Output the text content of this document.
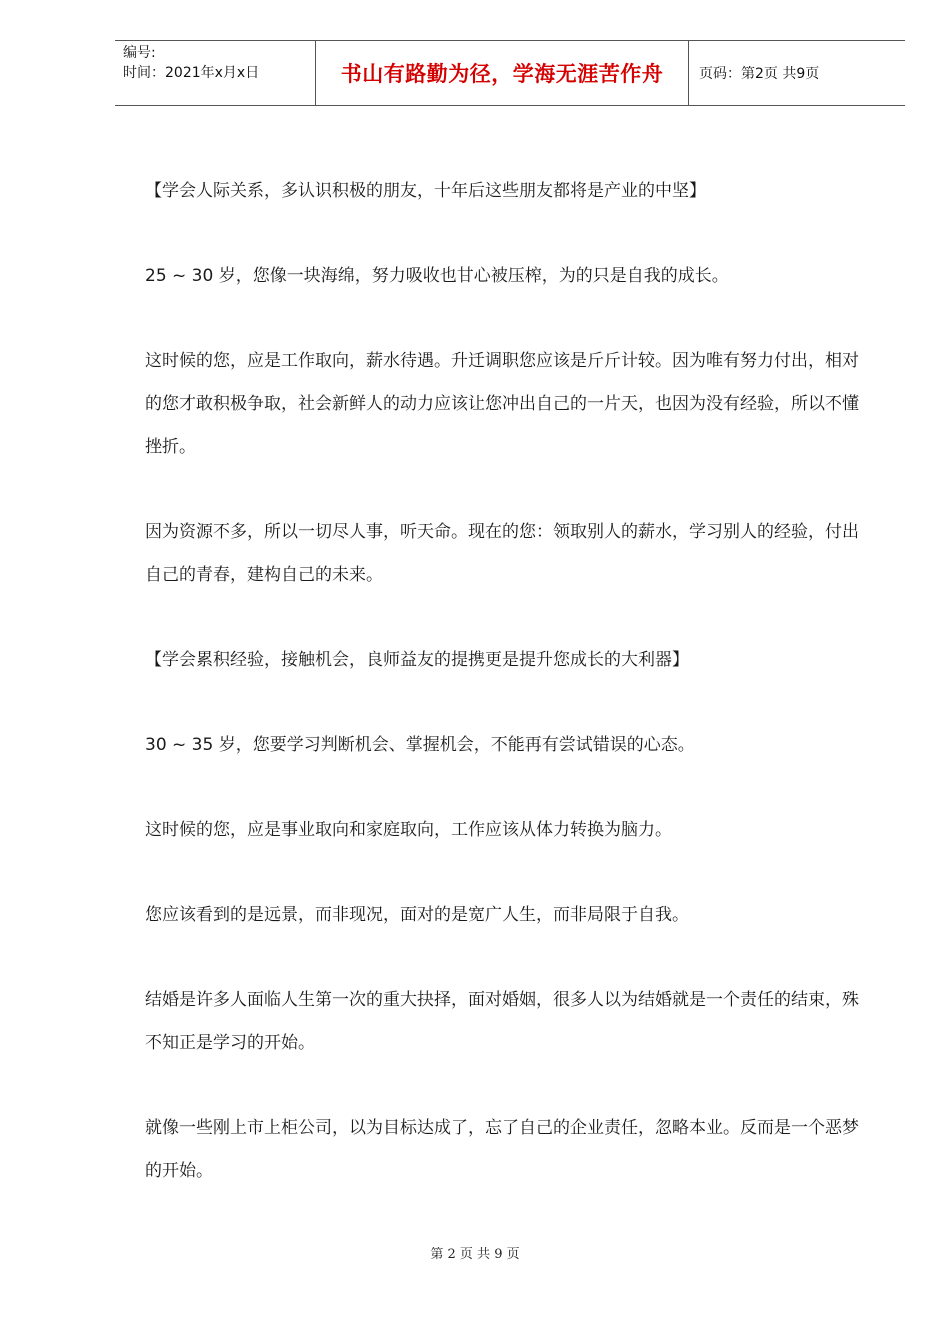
编号:
时间：2021年x月x日	书山有路勤为径，学海无涯苦作舟	页码：第2页 共9页

【学会人际关系，多认识积极的朋友，十年后这些朋友都将是产业的中坚】

25 ~ 30 岁，您像一块海绵，努力吸收也甘心被压榨，为的只是自我的成长。

这时候的您，应是工作取向，薪水待遇。升迁调职您应该是斤斤计较。因为唯有努力付出，相对的您才敢积极争取，社会新鲜人的动力应该让您冲出自己的一片天，也因为没有经验，所以不懂挫折。

因为资源不多，所以一切尽人事，听天命。现在的您：领取别人的薪水，学习别人的经验，付出自己的青春，建构自己的未来。

【学会累积经验，接触机会，良师益友的提携更是提升您成长的大利器】

30 ~ 35 岁，您要学习判断机会、掌握机会，不能再有尝试错误的心态。

这时候的您，应是事业取向和家庭取向，工作应该从体力转换为脑力。

您应该看到的是远景，而非现况，面对的是宽广人生，而非局限于自我。

结婚是许多人面临人生第一次的重大抉择，面对婚姻，很多人以为结婚就是一个责任的结束，殊不知正是学习的开始。

就像一些刚上市上柜公司，以为目标达成了，忘了自己的企业责任，忽略本业。反而是一个恶梦的开始。

第 2 页 共 9 页
